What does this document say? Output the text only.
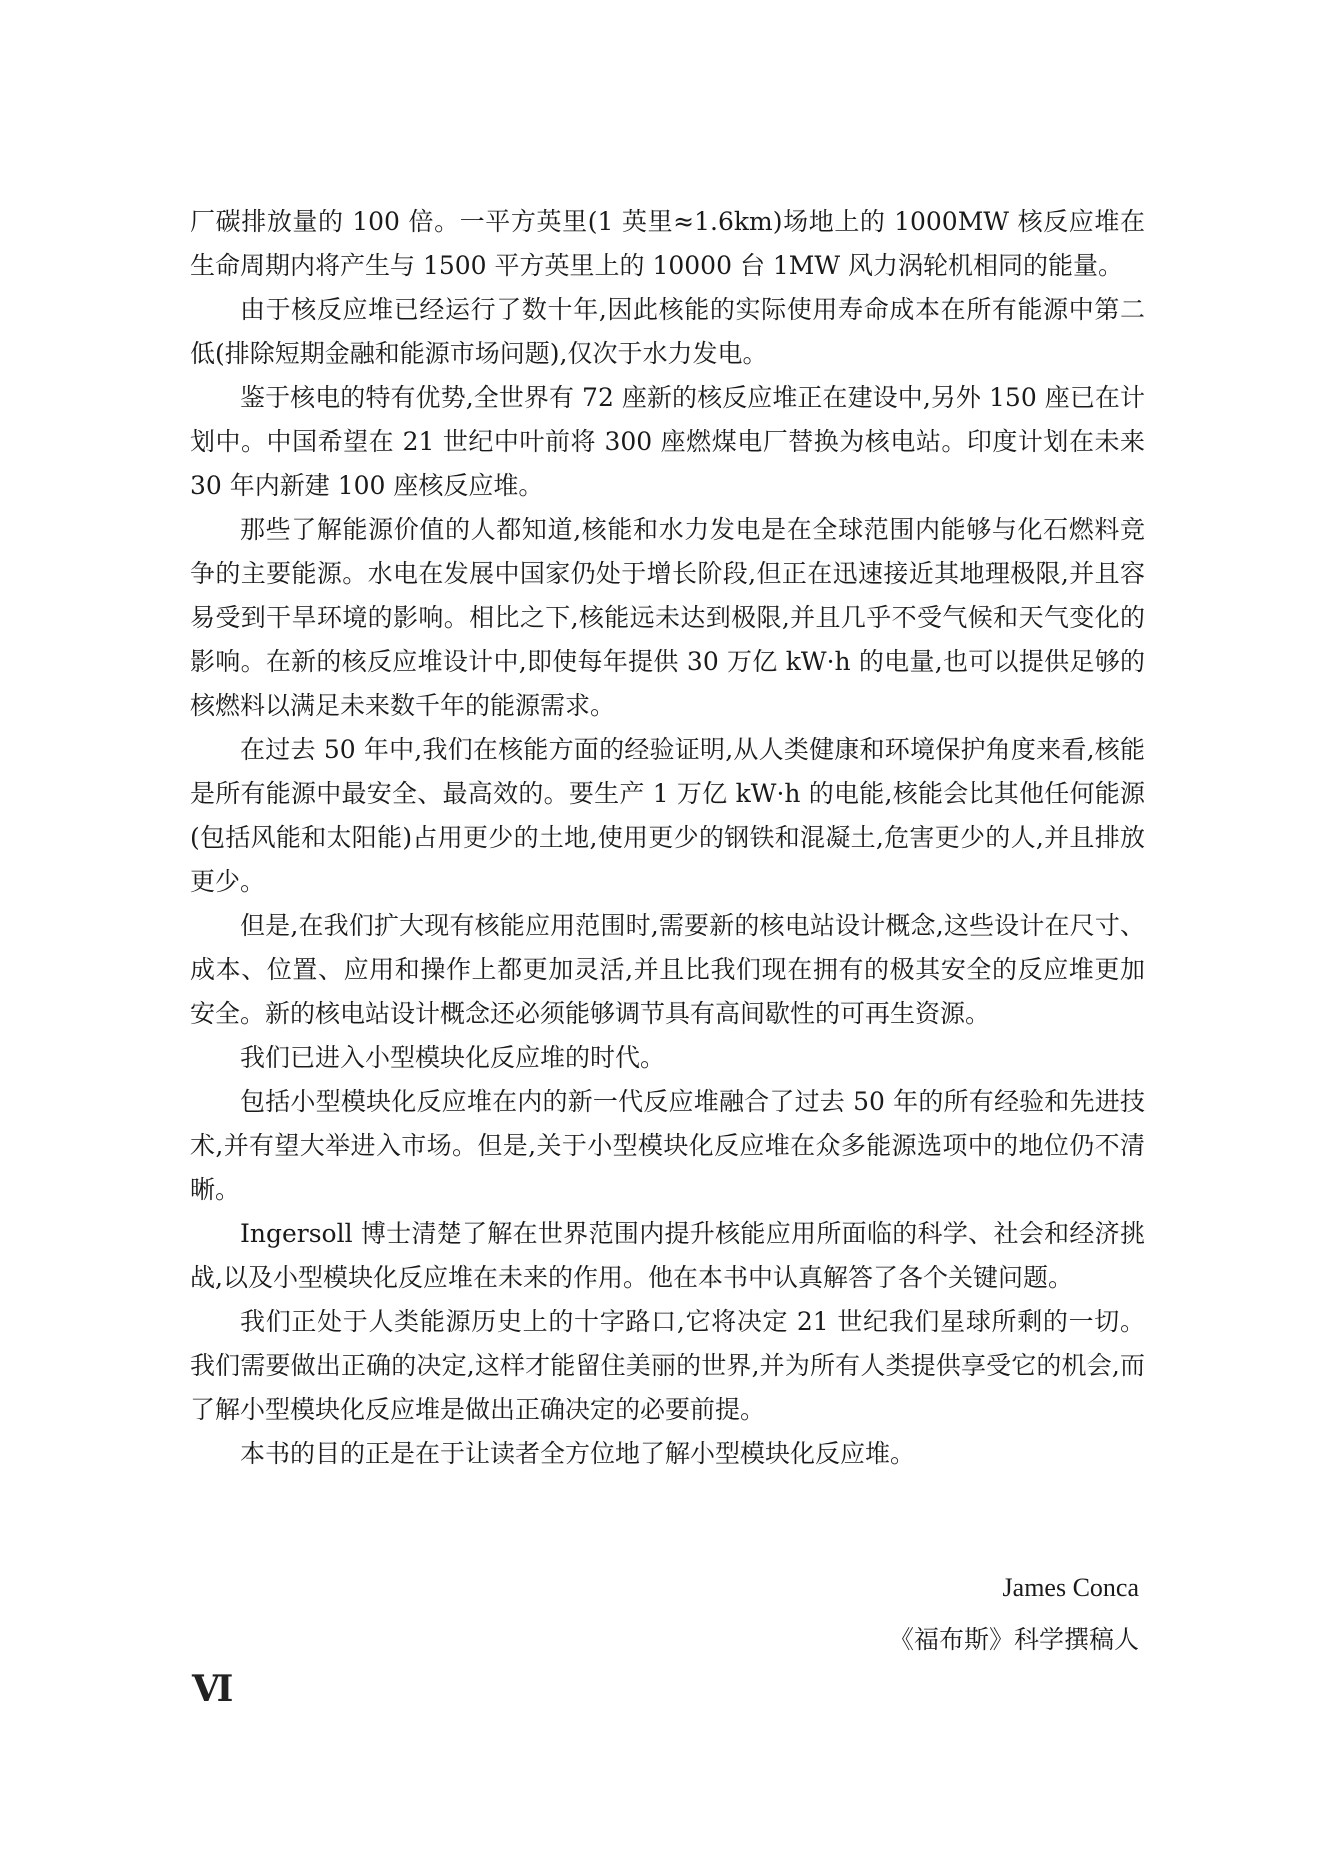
厂碳排放量的 100 倍。一平方英里(1 英里≈1.6km)场地上的 1000MW 核反应堆在生命周期内将产生与 1500 平方英里上的 10000 台 1MW 风力涡轮机相同的能量。

由于核反应堆已经运行了数十年,因此核能的实际使用寿命成本在所有能源中第二低(排除短期金融和能源市场问题),仅次于水力发电。

鉴于核电的特有优势,全世界有 72 座新的核反应堆正在建设中,另外 150 座已在计划中。中国希望在 21 世纪中叶前将 300 座燃煤电厂替换为核电站。印度计划在未来 30 年内新建 100 座核反应堆。

那些了解能源价值的人都知道,核能和水力发电是在全球范围内能够与化石燃料竞争的主要能源。水电在发展中国家仍处于增长阶段,但正在迅速接近其地理极限,并且容易受到干旱环境的影响。相比之下,核能远未达到极限,并且几乎不受气候和天气变化的影响。在新的核反应堆设计中,即使每年提供 30 万亿 kW·h 的电量,也可以提供足够的核燃料以满足未来数千年的能源需求。

在过去 50 年中,我们在核能方面的经验证明,从人类健康和环境保护角度来看,核能是所有能源中最安全、最高效的。要生产 1 万亿 kW·h 的电能,核能会比其他任何能源(包括风能和太阳能)占用更少的土地,使用更少的钢铁和混凝土,危害更少的人,并且排放更少。

但是,在我们扩大现有核能应用范围时,需要新的核电站设计概念,这些设计在尺寸、成本、位置、应用和操作上都更加灵活,并且比我们现在拥有的极其安全的反应堆更加安全。新的核电站设计概念还必须能够调节具有高间歇性的可再生资源。

我们已进入小型模块化反应堆的时代。

包括小型模块化反应堆在内的新一代反应堆融合了过去 50 年的所有经验和先进技术,并有望大举进入市场。但是,关于小型模块化反应堆在众多能源选项中的地位仍不清晰。

Ingersoll 博士清楚了解在世界范围内提升核能应用所面临的科学、社会和经济挑战,以及小型模块化反应堆在未来的作用。他在本书中认真解答了各个关键问题。

我们正处于人类能源历史上的十字路口,它将决定 21 世纪我们星球所剩的一切。我们需要做出正确的决定,这样才能留住美丽的世界,并为所有人类提供享受它的机会,而了解小型模块化反应堆是做出正确决定的必要前提。

本书的目的正是在于让读者全方位地了解小型模块化反应堆。

James Conca
《福布斯》科学撰稿人
Ⅵ
